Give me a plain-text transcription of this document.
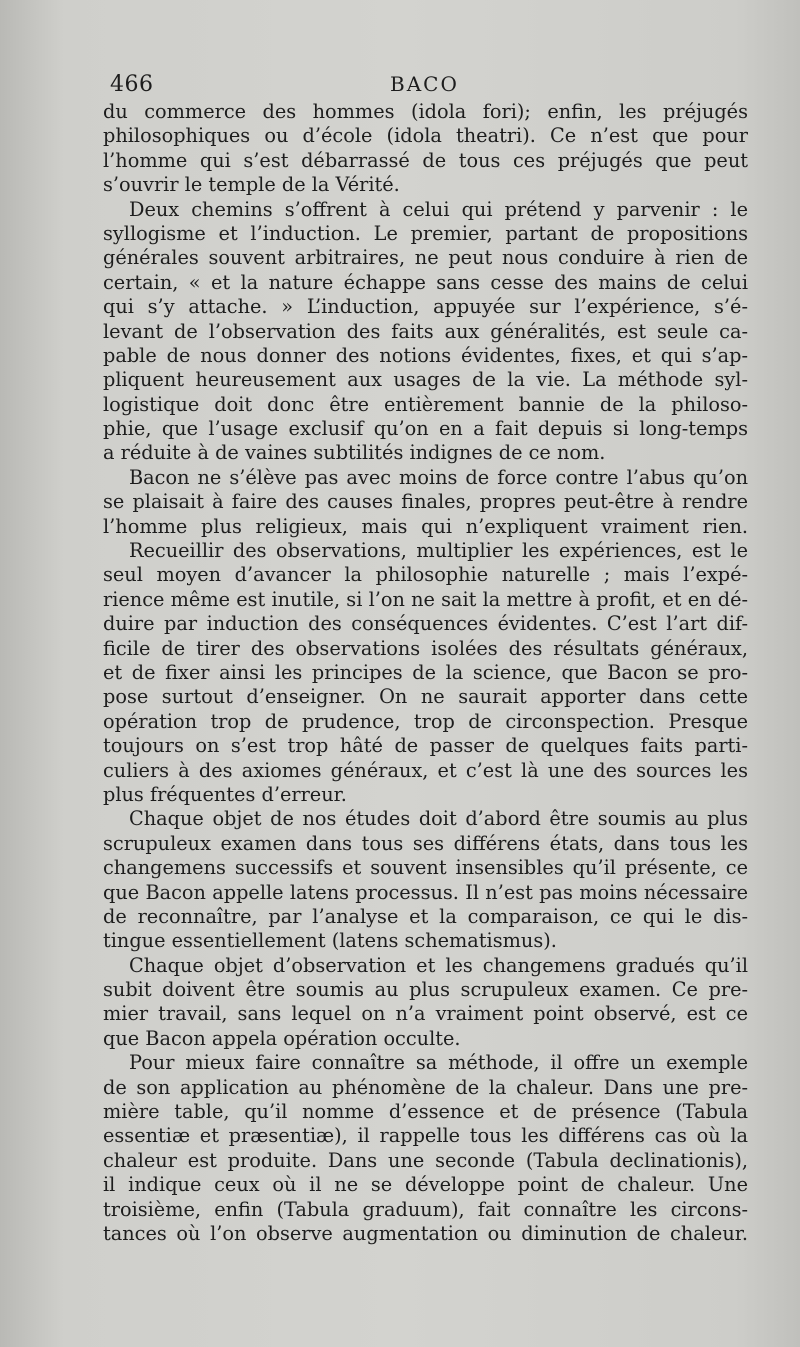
466	BACO
du commerce des hommes (idola fori); enfin, les préjugés
philosophiques ou d’école (idola theatri). Ce n’est que pour
l’homme qui s’est débarrassé de tous ces préjugés que peut
s’ouvrir le temple de la Vérité.
Deux chemins s’offrent à celui qui prétend y parvenir : le
syllogisme et l’induction. Le premier, partant de propositions
générales souvent arbitraires, ne peut nous conduire à rien de
certain, « et la nature échappe sans cesse des mains de celui
qui s’y attache. » L’induction, appuyée sur l’expérience, s’é-
levant de l’observation des faits aux généralités, est seule ca-
pable de nous donner des notions évidentes, fixes, et qui s’ap-
pliquent heureusement aux usages de la vie. La méthode syl-
logistique doit donc être entièrement bannie de la philoso-
phie, que l’usage exclusif qu’on en a fait depuis si long-temps
a réduite à de vaines subtilités indignes de ce nom.
Bacon ne s’élève pas avec moins de force contre l’abus qu’on
se plaisait à faire des causes finales, propres peut-être à rendre
l’homme plus religieux, mais qui n’expliquent vraiment rien.
Recueillir des observations, multiplier les expériences, est le
seul moyen d’avancer la philosophie naturelle ; mais l’expé-
rience même est inutile, si l’on ne sait la mettre à profit, et en dé-
duire par induction des conséquences évidentes. C’est l’art dif-
ficile de tirer des observations isolées des résultats généraux,
et de fixer ainsi les principes de la science, que Bacon se pro-
pose surtout d’enseigner. On ne saurait apporter dans cette
opération trop de prudence, trop de circonspection. Presque
toujours on s’est trop hâté de passer de quelques faits parti-
culiers à des axiomes généraux, et c’est là une des sources les
plus fréquentes d’erreur.
Chaque objet de nos études doit d’abord être soumis au plus
scrupuleux examen dans tous ses différens états, dans tous les
changemens successifs et souvent insensibles qu’il présente, ce
que Bacon appelle latens processus. Il n’est pas moins nécessaire
de reconnaître, par l’analyse et la comparaison, ce qui le dis-
tingue essentiellement (latens schematismus).
Chaque objet d’observation et les changemens gradués qu’il
subit doivent être soumis au plus scrupuleux examen. Ce pre-
mier travail, sans lequel on n’a vraiment point observé, est ce
que Bacon appela opération occulte.
Pour mieux faire connaître sa méthode, il offre un exemple
de son application au phénomène de la chaleur. Dans une pre-
mière table, qu’il nomme d’essence et de présence (Tabula
essentiæ et præsentiæ), il rappelle tous les différens cas où la
chaleur est produite. Dans une seconde (Tabula declinationis),
il indique ceux où il ne se développe point de chaleur. Une
troisième, enfin (Tabula graduum), fait connaître les circons-
tances où l’on observe augmentation ou diminution de chaleur.
